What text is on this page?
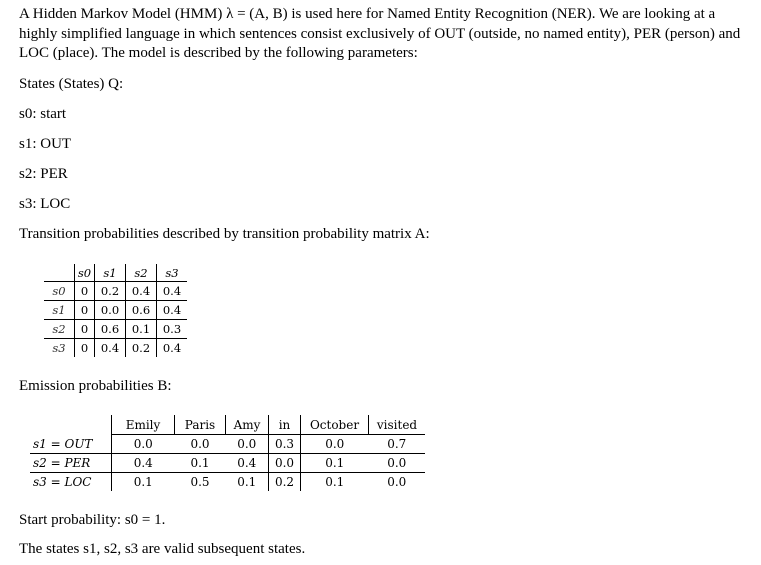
A Hidden Markov Model (HMM) λ = (A, B) is used here for Named Entity Recognition (NER). We are looking at a highly simplified language in which sentences consist exclusively of OUT (outside, no named entity), PER (person) and LOC (place). The model is described by the following parameters:
States (States) Q:
s0: start
s1: OUT
s2: PER
s3: LOC
Transition probabilities described by transition probability matrix A:
	s0	s1	s2	s3
s0	0	0.2	0.4	0.4
s1	0	0.0	0.6	0.4
s2	0	0.6	0.1	0.3
s3	0	0.4	0.2	0.4
Emission probabilities B:
	Emily	Paris	Amy	in	October	visited
s1 = OUT	0.0	0.0	0.0	0.3	0.0	0.7
s2 = PER	0.4	0.1	0.4	0.0	0.1	0.0
s3 = LOC	0.1	0.5	0.1	0.2	0.1	0.0
Start probability: s0 = 1.
The states s1, s2, s3 are valid subsequent states.
